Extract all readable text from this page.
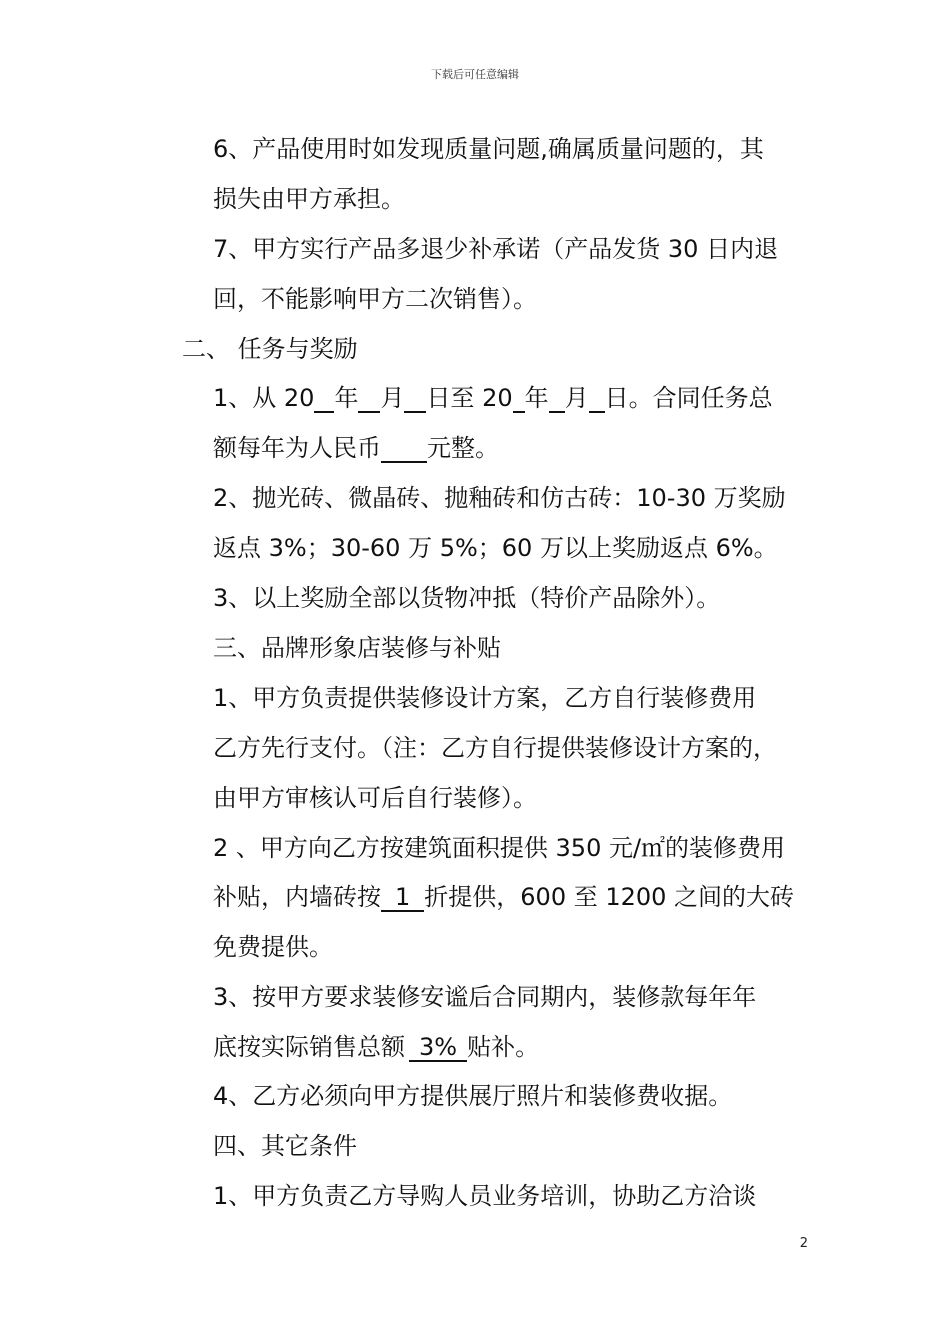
下载后可任意编辑
6、产品使用时如发现质量问题,确属质量问题的，其
损失由甲方承担。
7、甲方实行产品多退少补承诺（产品发货 30 日内退
回，不能影响甲方二次销售）。
二、 任务与奖励
1、从 20 年 月 日至 20 年 月 日。合同任务总
额每年为人民币 元整。
2、抛光砖、微晶砖、抛釉砖和仿古砖：10-30 万奖励
返点 3%；30-60 万 5%；60 万以上奖励返点 6%。
3、以上奖励全部以货物冲抵（特价产品除外）。
三、品牌形象店装修与补贴
1、甲方负责提供装修设计方案，乙方自行装修费用
乙方先行支付。（注：乙方自行提供装修设计方案的，
由甲方审核认可后自行装修）。
2 、甲方向乙方按建筑面积提供 350 元/㎡的装修费用
补贴，内墙砖按 1 折提供，600 至 1200 之间的大砖
免费提供。
3、按甲方要求装修安谧后合同期内，装修款每年年
底按实际销售总额 3% 贴补。
4、乙方必须向甲方提供展厅照片和装修费收据。
四、其它条件
1、甲方负责乙方导购人员业务培训，协助乙方洽谈
2
